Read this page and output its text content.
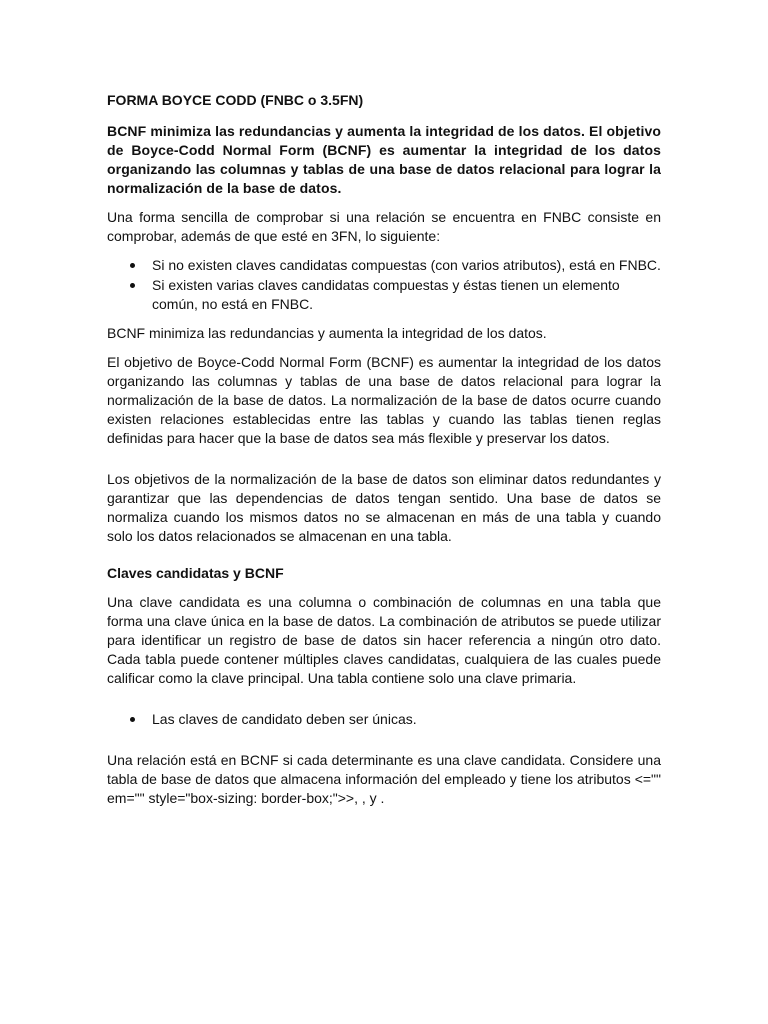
FORMA BOYCE CODD (FNBC o 3.5FN)

BCNF minimiza las redundancias y aumenta la integridad de los datos. El objetivo de Boyce-Codd Normal Form (BCNF) es aumentar la integridad de los datos organizando las columnas y tablas de una base de datos relacional para lograr la normalización de la base de datos.

Una forma sencilla de comprobar si una relación se encuentra en FNBC consiste en comprobar, además de que esté en 3FN, lo siguiente:

Si no existen claves candidatas compuestas (con varios atributos), está en FNBC.
Si existen varias claves candidatas compuestas y éstas tienen un elemento común, no está en FNBC.

BCNF minimiza las redundancias y aumenta la integridad de los datos.

El objetivo de Boyce-Codd Normal Form (BCNF) es aumentar la integridad de los datos organizando las columnas y tablas de una base de datos relacional para lograr la normalización de la base de datos. La normalización de la base de datos ocurre cuando existen relaciones establecidas entre las tablas y cuando las tablas tienen reglas definidas para hacer que la base de datos sea más flexible y preservar los datos.

Los objetivos de la normalización de la base de datos son eliminar datos redundantes y garantizar que las dependencias de datos tengan sentido. Una base de datos se normaliza cuando los mismos datos no se almacenan en más de una tabla y cuando solo los datos relacionados se almacenan en una tabla.

Claves candidatas y BCNF

Una clave candidata es una columna o combinación de columnas en una tabla que forma una clave única en la base de datos. La combinación de atributos se puede utilizar para identificar un registro de base de datos sin hacer referencia a ningún otro dato. Cada tabla puede contener múltiples claves candidatas, cualquiera de las cuales puede calificar como la clave principal. Una tabla contiene solo una clave primaria.

Las claves de candidato deben ser únicas.

Una relación está en BCNF si cada determinante es una clave candidata. Considere una tabla de base de datos que almacena información del empleado y tiene los atributos <="" em="" style="box-sizing: border-box;">>, , y .
